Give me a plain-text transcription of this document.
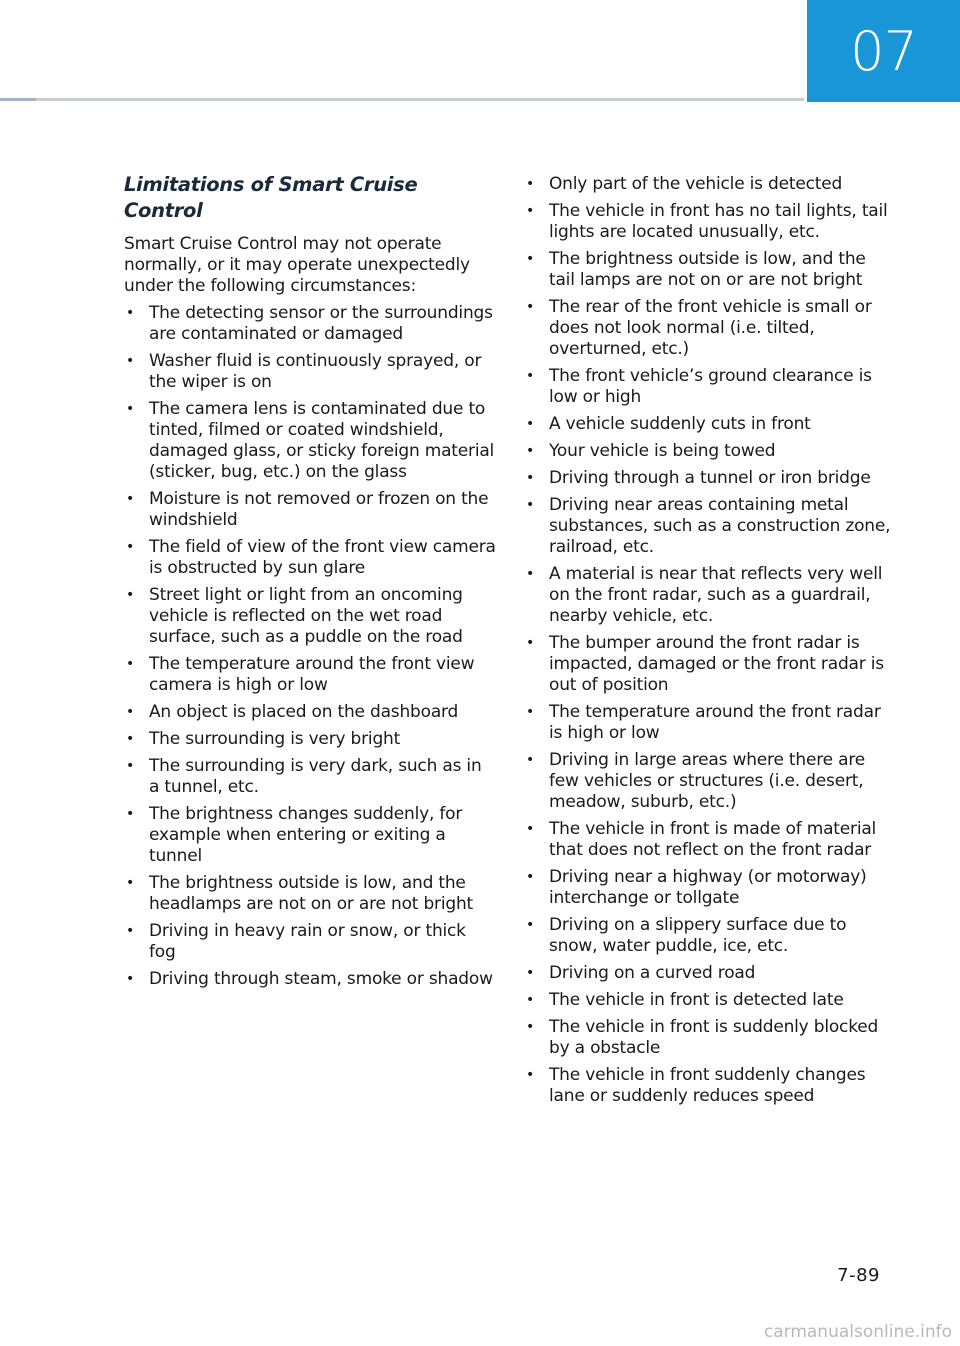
07
Limitations of Smart Cruise Control

Smart Cruise Control may not operate normally, or it may operate unexpectedly under the following circumstances:

• The detecting sensor or the surroundings are contaminated or damaged
• Washer fluid is continuously sprayed, or the wiper is on
• The camera lens is contaminated due to tinted, filmed or coated windshield, damaged glass, or sticky foreign material (sticker, bug, etc.) on the glass
• Moisture is not removed or frozen on the windshield
• The field of view of the front view camera is obstructed by sun glare
• Street light or light from an oncoming vehicle is reflected on the wet road surface, such as a puddle on the road
• The temperature around the front view camera is high or low
• An object is placed on the dashboard
• The surrounding is very bright
• The surrounding is very dark, such as in a tunnel, etc.
• The brightness changes suddenly, for example when entering or exiting a tunnel
• The brightness outside is low, and the headlamps are not on or are not bright
• Driving in heavy rain or snow, or thick fog
• Driving through steam, smoke or shadow
• Only part of the vehicle is detected
• The vehicle in front has no tail lights, tail lights are located unusually, etc.
• The brightness outside is low, and the tail lamps are not on or are not bright
• The rear of the front vehicle is small or does not look normal (i.e. tilted, overturned, etc.)
• The front vehicle’s ground clearance is low or high
• A vehicle suddenly cuts in front
• Your vehicle is being towed
• Driving through a tunnel or iron bridge
• Driving near areas containing metal substances, such as a construction zone, railroad, etc.
• A material is near that reflects very well on the front radar, such as a guardrail, nearby vehicle, etc.
• The bumper around the front radar is impacted, damaged or the front radar is out of position
• The temperature around the front radar is high or low
• Driving in large areas where there are few vehicles or structures (i.e. desert, meadow, suburb, etc.)
• The vehicle in front is made of material that does not reflect on the front radar
• Driving near a highway (or motorway) interchange or tollgate
• Driving on a slippery surface due to snow, water puddle, ice, etc.
• Driving on a curved road
• The vehicle in front is detected late
• The vehicle in front is suddenly blocked by a obstacle
• The vehicle in front suddenly changes lane or suddenly reduces speed
7-89
carmanualsonline.info
